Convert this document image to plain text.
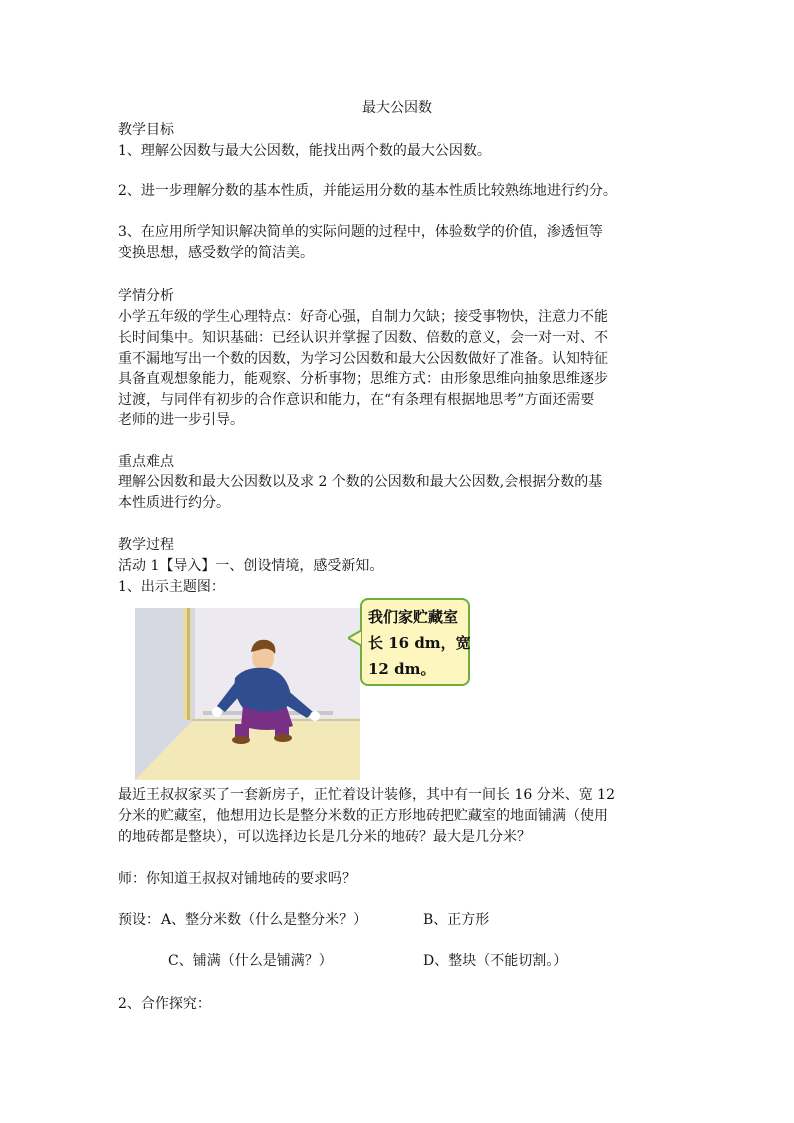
最大公因数
教学目标
1、理解公因数与最大公因数，能找出两个数的最大公因数。
2、进一步理解分数的基本性质，并能运用分数的基本性质比较熟练地进行约分。
3、在应用所学知识解决简单的实际问题的过程中，体验数学的价值，渗透恒等
变换思想，感受数学的简洁美。
学情分析
小学五年级的学生心理特点：好奇心强，自制力欠缺；接受事物快，注意力不能
长时间集中。知识基础：已经认识并掌握了因数、倍数的意义，会一对一对、不
重不漏地写出一个数的因数，为学习公因数和最大公因数做好了准备。认知特征
具备直观想象能力，能观察、分析事物；思维方式：由形象思维向抽象思维逐步
过渡，与同伴有初步的合作意识和能力，在“有条理有根据地思考”方面还需要
老师的进一步引导。
重点难点
理解公因数和最大公因数以及求 2 个数的公因数和最大公因数,会根据分数的基
本性质进行约分。
教学过程
活动 1【导入】一、创设情境，感受新知。
1、出示主题图：
我们家贮藏室
长 16 dm，宽
12 dm。
最近王叔叔家买了一套新房子，正忙着设计装修，其中有一间长 16 分米、宽 12
分米的贮藏室，他想用边长是整分米数的正方形地砖把贮藏室的地面铺满（使用
的地砖都是整块），可以选择边长是几分米的地砖？最大是几分米？
师：你知道王叔叔对铺地砖的要求吗？
预设： A、整分米数（什么是整分米？）	B、正方形
C、铺满（什么是铺满？）	D、整块（不能切割。）
2、合作探究：
